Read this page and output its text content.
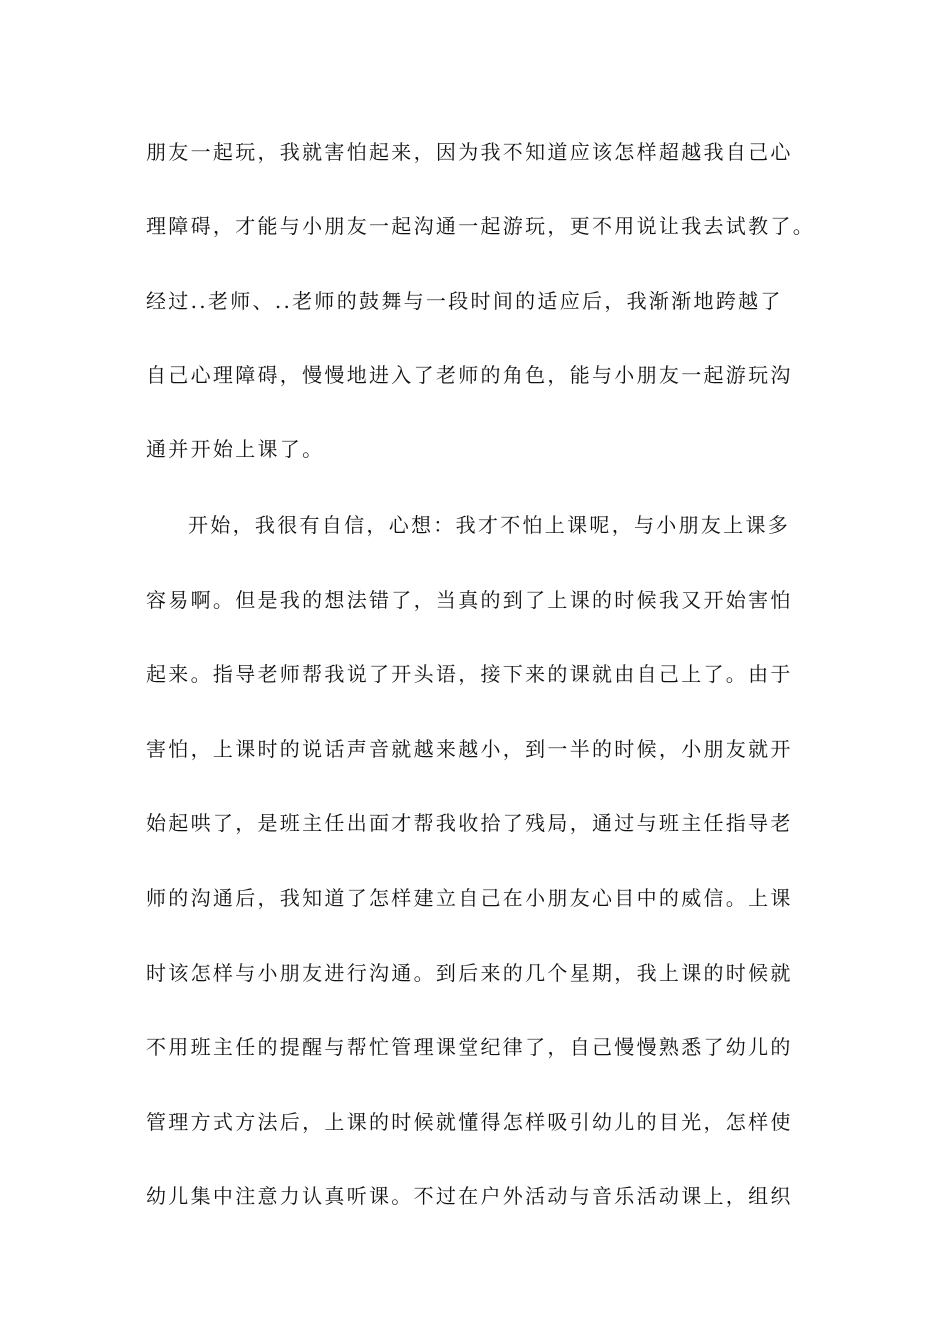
朋友一起玩，我就害怕起来，因为我不知道应该怎样超越我自己心
理障碍，才能与小朋友一起沟通一起游玩，更不用说让我去试教了。
经过..老师、..老师的鼓舞与一段时间的适应后，我渐渐地跨越了
自己心理障碍，慢慢地进入了老师的角色，能与小朋友一起游玩沟
通并开始上课了。
开始，我很有自信，心想：我才不怕上课呢，与小朋友上课多
容易啊。但是我的想法错了，当真的到了上课的时候我又开始害怕
起来。指导老师帮我说了开头语，接下来的课就由自己上了。由于
害怕，上课时的说话声音就越来越小，到一半的时候，小朋友就开
始起哄了，是班主任出面才帮我收拾了残局，通过与班主任指导老
师的沟通后，我知道了怎样建立自己在小朋友心目中的威信。上课
时该怎样与小朋友进行沟通。到后来的几个星期，我上课的时候就
不用班主任的提醒与帮忙管理课堂纪律了，自己慢慢熟悉了幼儿的
管理方式方法后，上课的时候就懂得怎样吸引幼儿的目光，怎样使
幼儿集中注意力认真听课。不过在户外活动与音乐活动课上，组织
